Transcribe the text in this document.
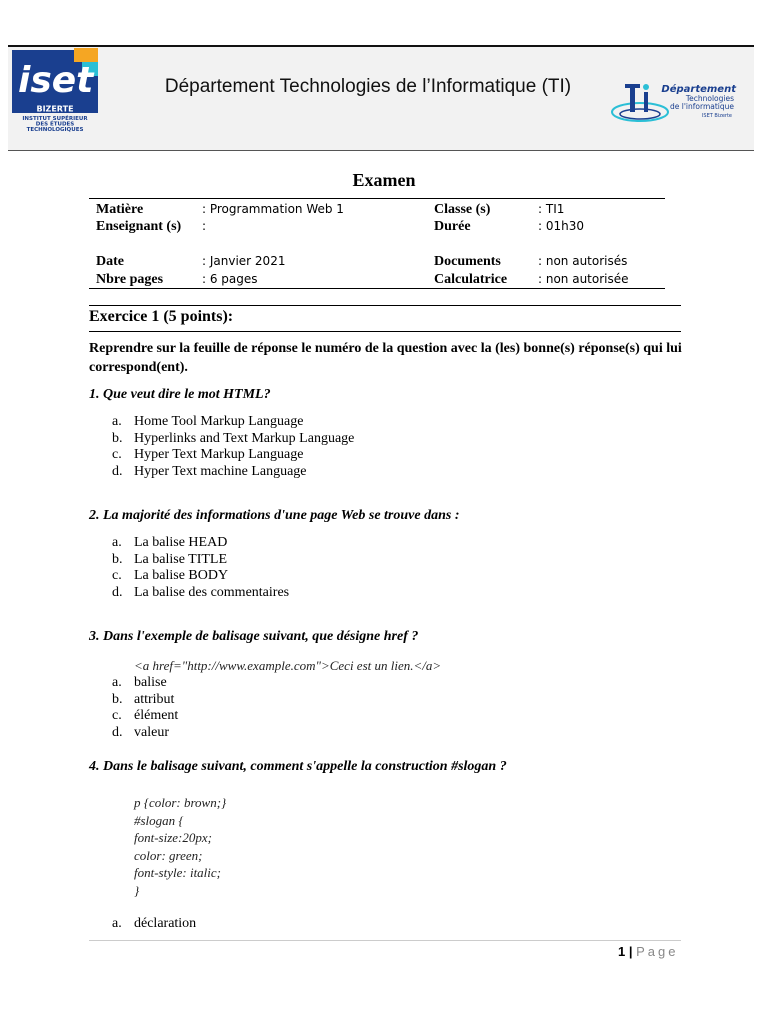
iset
BIZERTE
INSTITUT SUPÉRIEUR
DES ÉTUDES
TECHNOLOGIQUES
Département Technologies de l’Informatique (TI)	Département
Technologies
de l'informatique
ISET Bizerte
Examen
Matière	: Programmation Web 1	Classe (s)	: TI1
Enseignant (s) :	Durée	: 01h30
Date	: Janvier 2021	Documents	: non autorisés
Nbre pages	: 6 pages	Calculatrice	: non autorisée
Exercice 1 (5 points):
Reprendre sur la feuille de réponse le numéro de la question avec la (les) bonne(s) réponse(s) qui lui correspond(ent).
1. Que veut dire le mot HTML?
a. Home Tool Markup Language
b. Hyperlinks and Text Markup Language
c. Hyper Text Markup Language
d. Hyper Text machine Language
2. La majorité des informations d'une page Web se trouve dans :
a. La balise HEAD
b. La balise TITLE
c. La balise BODY
d. La balise des commentaires
3. Dans l'exemple de balisage suivant, que désigne href ?
<a href="http://www.example.com">Ceci est un lien.</a>
a. balise
b. attribut
c. élément
d. valeur
4. Dans le balisage suivant, comment s'appelle la construction #slogan ?
p {color: brown;}
#slogan {
font-size:20px;
color: green;
font-style: italic;
}
a. déclaration
1 | Page
